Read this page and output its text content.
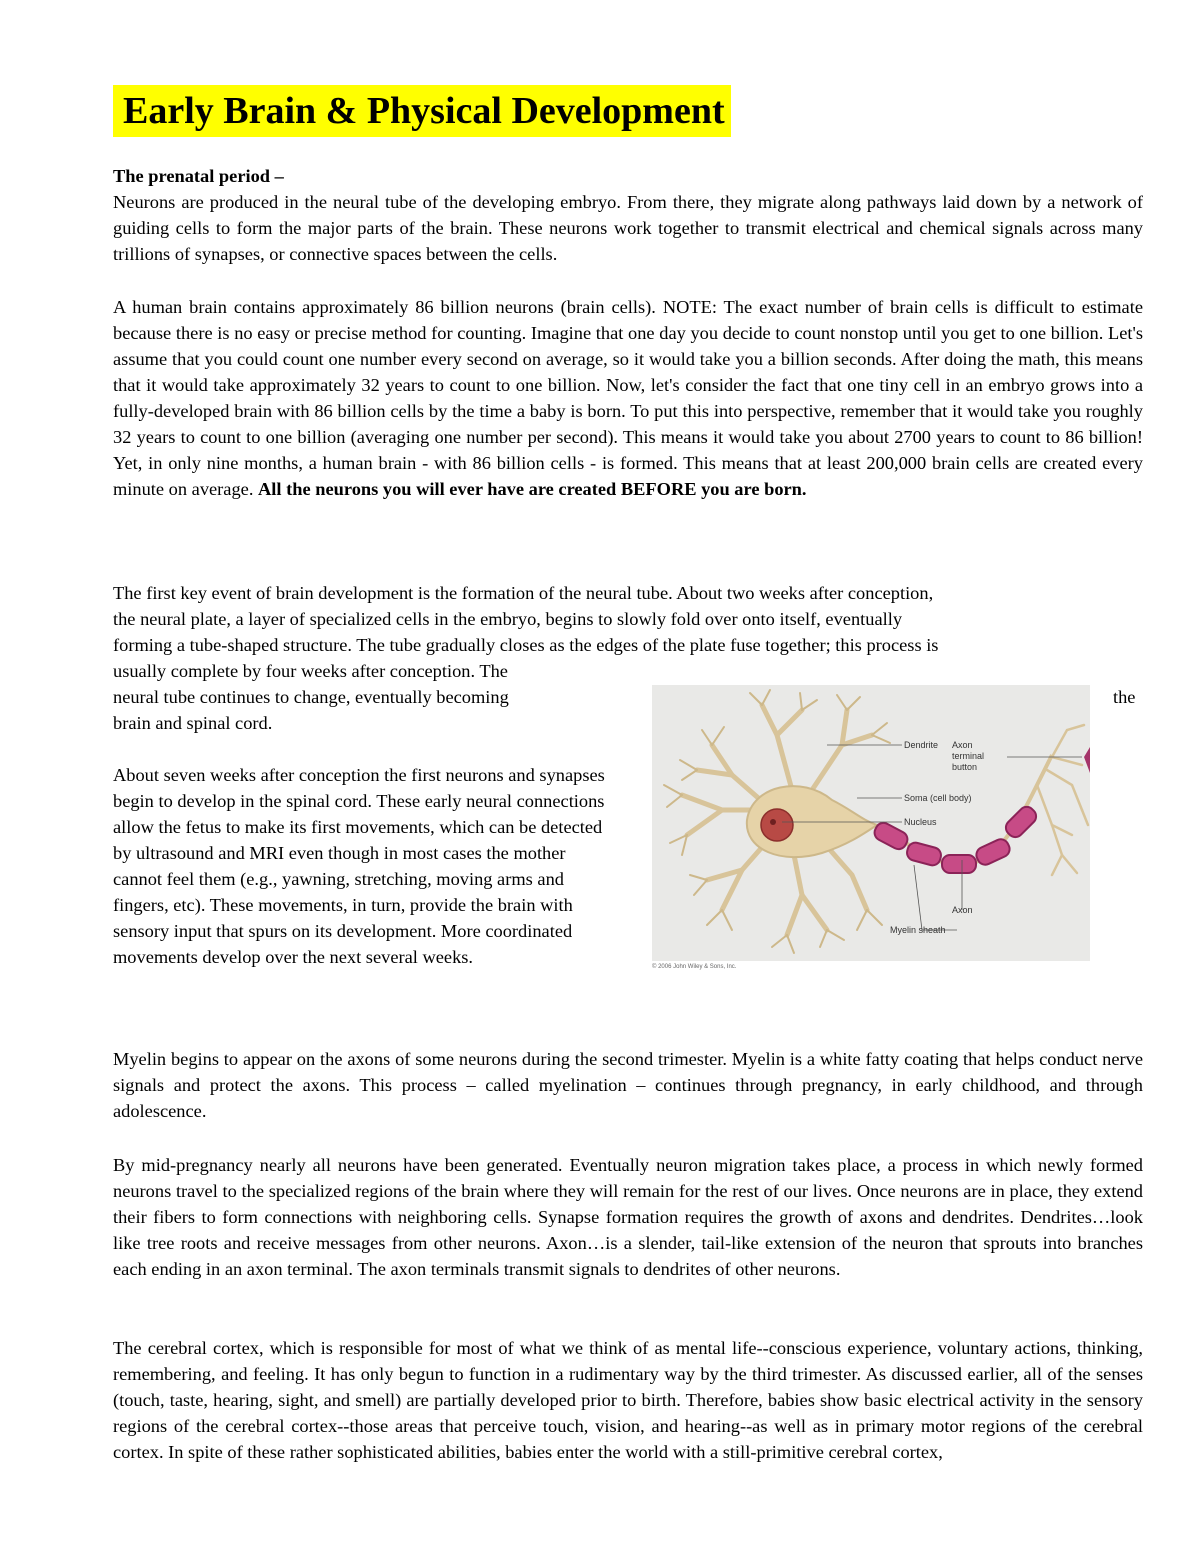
Early Brain & Physical Development

The prenatal period –

Neurons are produced in the neural tube of the developing embryo. From there, they migrate along pathways laid down by a network of guiding cells to form the major parts of the brain. These neurons work together to transmit electrical and chemical signals across many trillions of synapses, or connective spaces between the cells.

A human brain contains approximately 86 billion neurons (brain cells). NOTE: The exact number of brain cells is difficult to estimate because there is no easy or precise method for counting. Imagine that one day you decide to count nonstop until you get to one billion. Let's assume that you could count one number every second on average, so it would take you a billion seconds. After doing the math, this means that it would take approximately 32 years to count to one billion. Now, let's consider the fact that one tiny cell in an embryo grows into a fully-developed brain with 86 billion cells by the time a baby is born. To put this into perspective, remember that it would take you roughly 32 years to count to one billion (averaging one number per second). This means it would take you about 2700 years to count to 86 billion! Yet, in only nine months, a human brain - with 86 billion cells - is formed. This means that at least 200,000 brain cells are created every minute on average. All the neurons you will ever have are created BEFORE you are born.

The first key event of brain development is the formation of the neural tube. About two weeks after conception,
the neural plate, a layer of specialized cells in the embryo, begins to slowly fold over onto itself, eventually
forming a tube-shaped structure. The tube gradually closes as the edges of the plate fuse together; this process is
usually complete by four weeks after conception. The
neural tube continues to change, eventually becoming	the
brain and spinal cord.

About seven weeks after conception the first neurons and synapses begin to develop in the spinal cord. These early neural connections allow the fetus to make its first movements, which can be detected by ultrasound and MRI even though in most cases the mother cannot feel them (e.g., yawning, stretching, moving arms and fingers, etc). These movements, in turn, provide the brain with sensory input that spurs on its development. More coordinated movements develop over the next several weeks.

Dendrite Axon
terminal
button
Soma (cell body)
Nucleus
Axon
Myelin sheath
© 2006 John Wiley & Sons, Inc.

Myelin begins to appear on the axons of some neurons during the second trimester. Myelin is a white fatty coating that helps conduct nerve signals and protect the axons. This process – called myelination – continues through pregnancy, in early childhood, and through adolescence.

By mid-pregnancy nearly all neurons have been generated. Eventually neuron migration takes place, a process in which newly formed neurons travel to the specialized regions of the brain where they will remain for the rest of our lives. Once neurons are in place, they extend their fibers to form connections with neighboring cells. Synapse formation requires the growth of axons and dendrites. Dendrites…look like tree roots and receive messages from other neurons. Axon…is a slender, tail-like extension of the neuron that sprouts into branches each ending in an axon terminal. The axon terminals transmit signals to dendrites of other neurons.

The cerebral cortex, which is responsible for most of what we think of as mental life--conscious experience, voluntary actions, thinking, remembering, and feeling. It has only begun to function in a rudimentary way by the third trimester. As discussed earlier, all of the senses (touch, taste, hearing, sight, and smell) are partially developed prior to birth. Therefore, babies show basic electrical activity in the sensory regions of the cerebral cortex--those areas that perceive touch, vision, and hearing--as well as in primary motor regions of the cerebral cortex. In spite of these rather sophisticated abilities, babies enter the world with a still-primitive cerebral cortex,
